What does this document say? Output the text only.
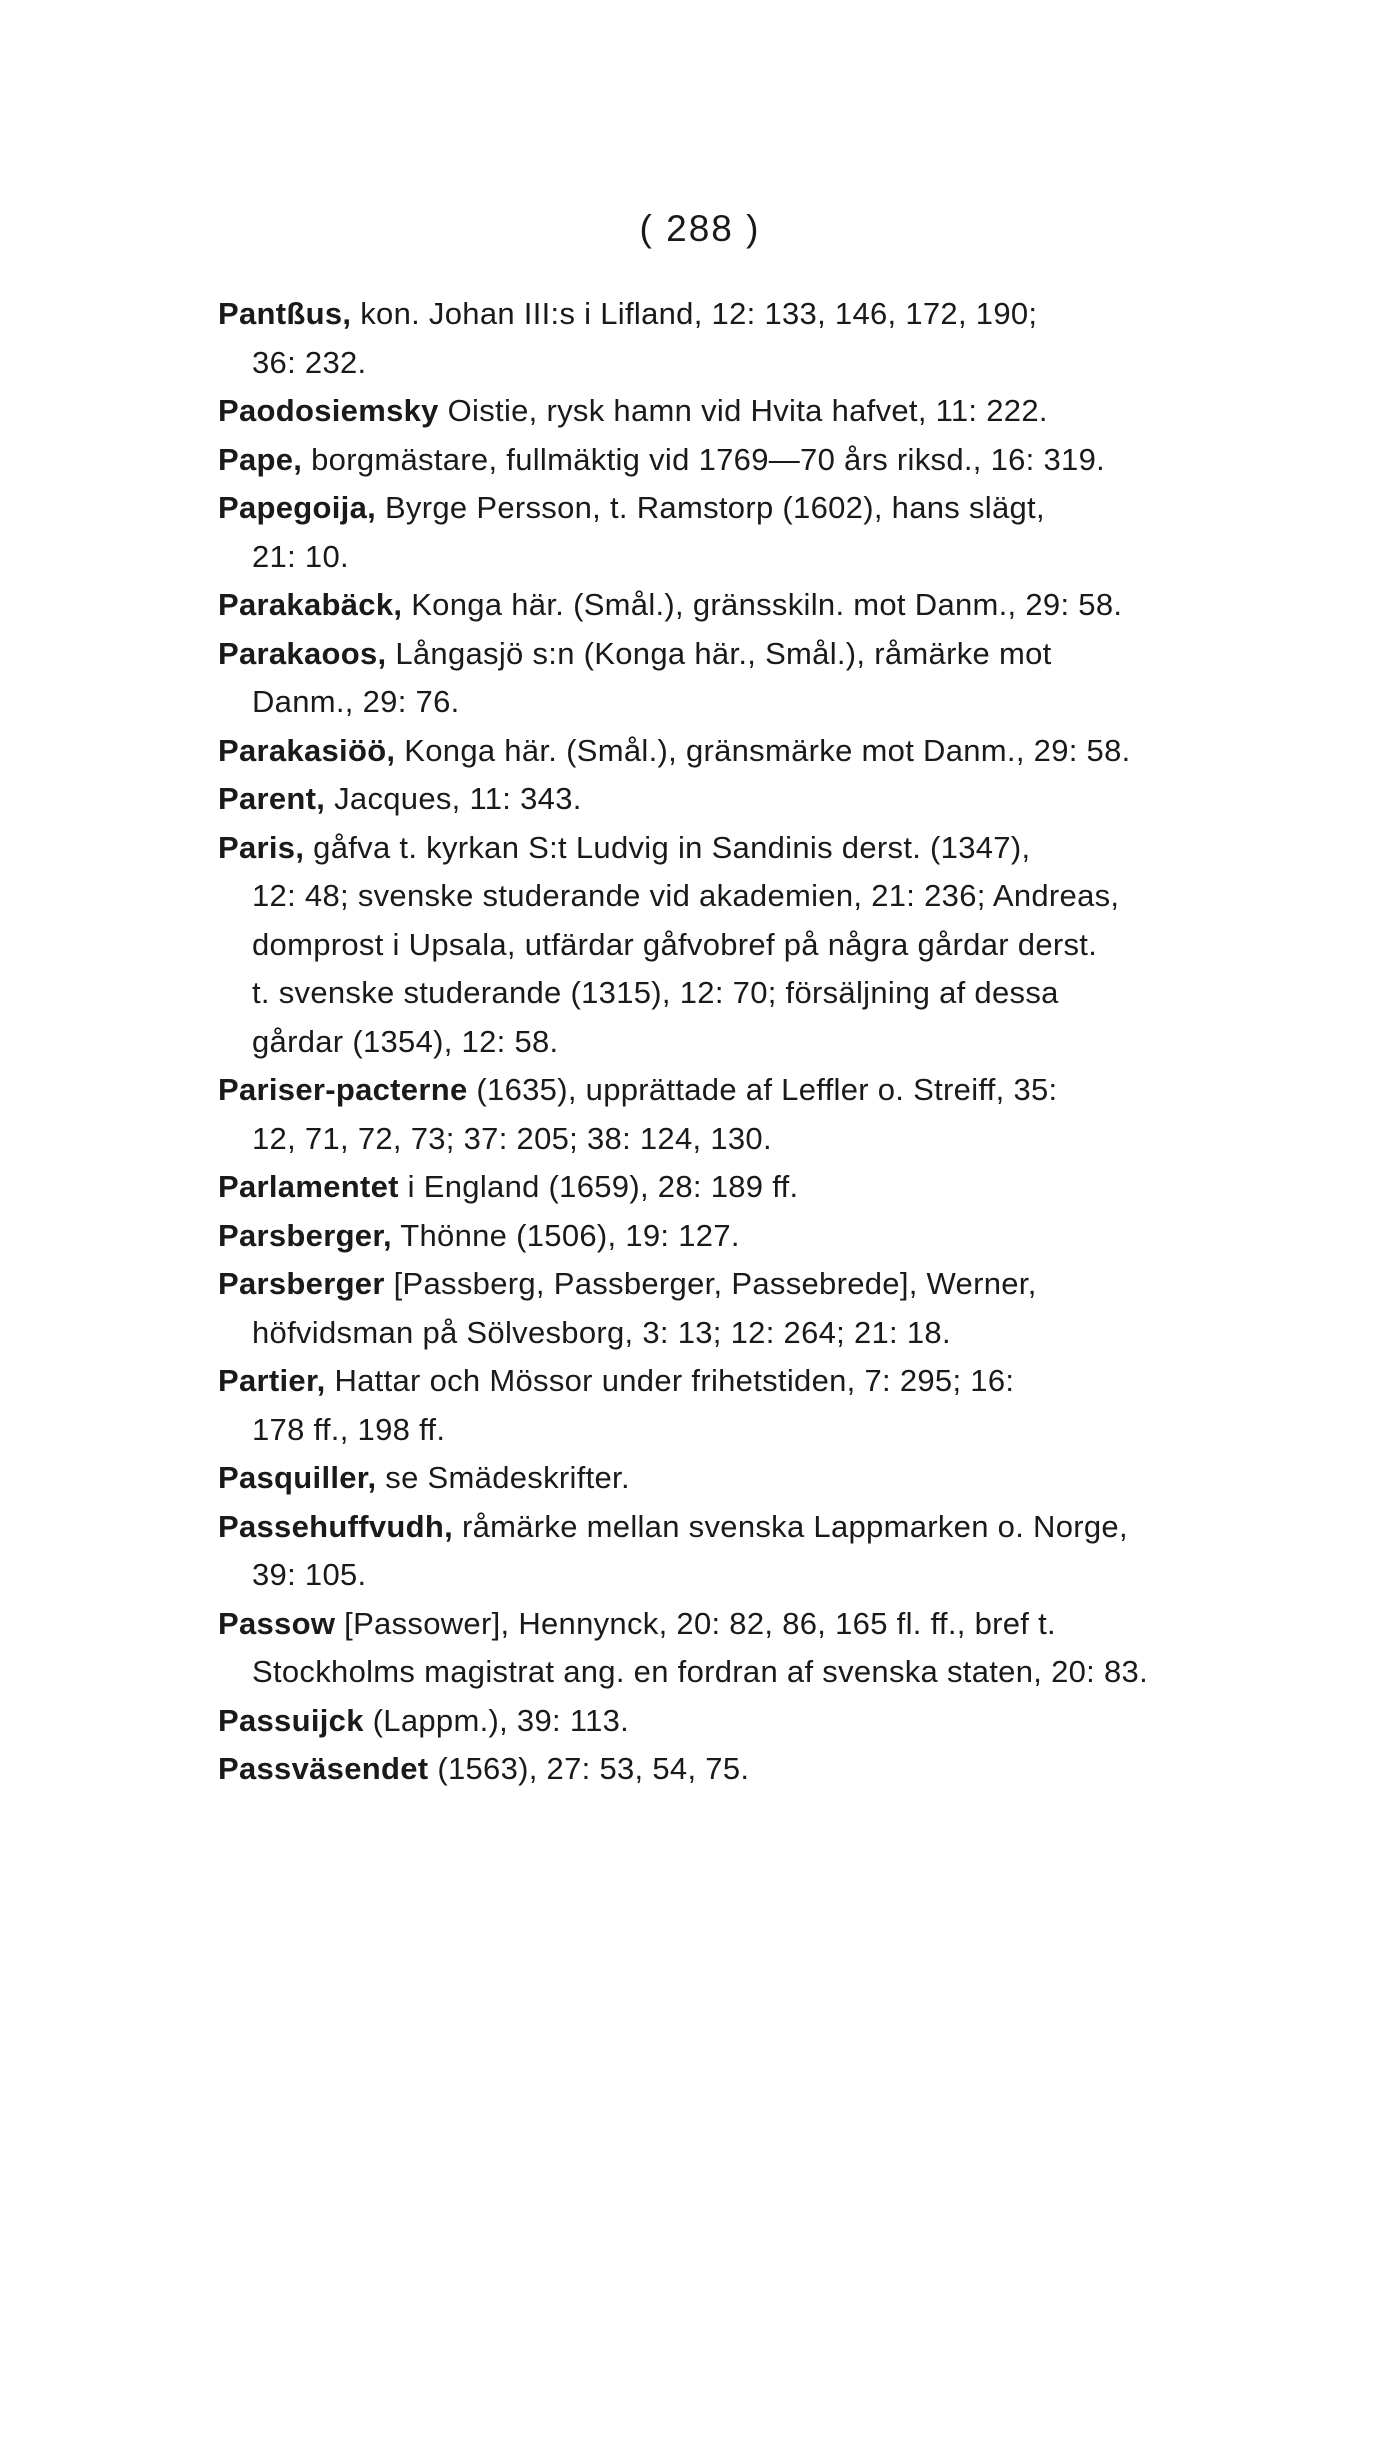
( 288 )
Pantßus, kon. Johan III:s i Lifland, 12: 133, 146, 172, 190;
36: 232.
Paodosiemsky Oistie, rysk hamn vid Hvita hafvet, 11: 222.
Pape, borgmästare, fullmäktig vid 1769—70 års riksd., 16: 319.
Papegoija, Byrge Persson, t. Ramstorp (1602), hans slägt,
21: 10.
Parakabäck, Konga här. (Smål.), gränsskiln. mot Danm., 29: 58.
Parakaoos, Långasjö s:n (Konga här., Smål.), råmärke mot
Danm., 29: 76.
Parakasiöö, Konga här. (Smål.), gränsmärke mot Danm., 29: 58.
Parent, Jacques, 11: 343.
Paris, gåfva t. kyrkan S:t Ludvig in Sandinis derst. (1347),
12: 48; svenske studerande vid akademien, 21: 236; Andreas,
domprost i Upsala, utfärdar gåfvobref på några gårdar derst.
t. svenske studerande (1315), 12: 70; försäljning af dessa
gårdar (1354), 12: 58.
Pariser-pacterne (1635), upprättade af Leffler o. Streiff, 35:
12, 71, 72, 73; 37: 205; 38: 124, 130.
Parlamentet i England (1659), 28: 189 ff.
Parsberger, Thönne (1506), 19: 127.
Parsberger [Passberg, Passberger, Passebrede], Werner,
höfvidsman på Sölvesborg, 3: 13; 12: 264; 21: 18.
Partier, Hattar och Mössor under frihetstiden, 7: 295; 16:
178 ff., 198 ff.
Pasquiller, se Smädeskrifter.
Passehuffvudh, råmärke mellan svenska Lappmarken o. Norge,
39: 105.
Passow [Passower], Hennynck, 20: 82, 86, 165 fl. ff., bref t.
Stockholms magistrat ang. en fordran af svenska staten, 20: 83.
Passuijck (Lappm.), 39: 113.
Passväsendet (1563), 27: 53, 54, 75.
